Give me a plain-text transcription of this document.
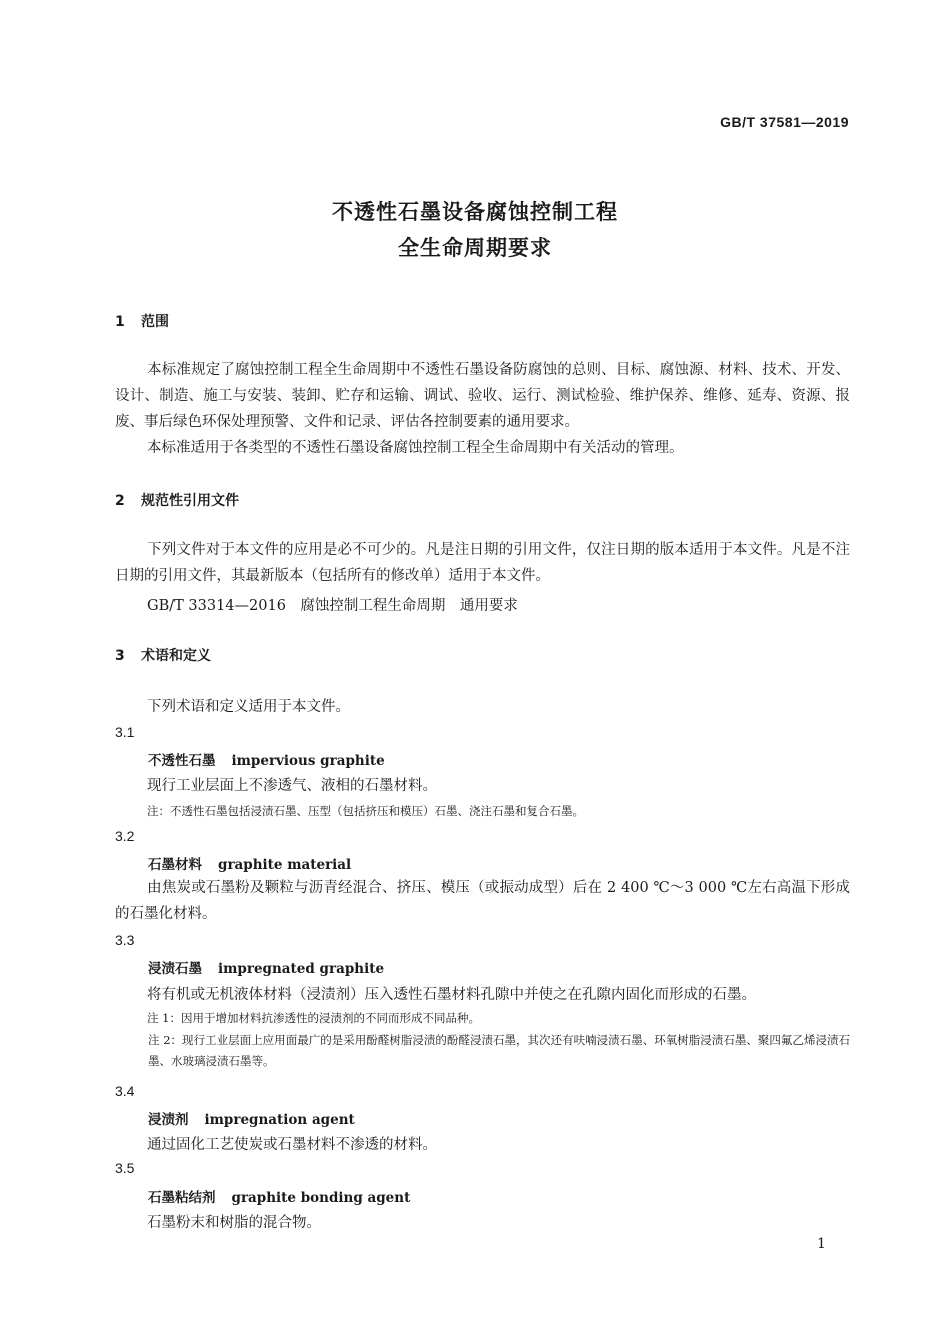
GB/T 37581—2019
不透性石墨设备腐蚀控制工程
全生命周期要求
1 范围
本标准规定了腐蚀控制工程全生命周期中不透性石墨设备防腐蚀的总则、目标、腐蚀源、材料、技术、开发、设计、制造、施工与安装、装卸、贮存和运输、调试、验收、运行、测试检验、维护保养、维修、延寿、资源、报废、事后绿色环保处理预警、文件和记录、评估各控制要素的通用要求。
本标准适用于各类型的不透性石墨设备腐蚀控制工程全生命周期中有关活动的管理。
2 规范性引用文件
下列文件对于本文件的应用是必不可少的。凡是注日期的引用文件，仅注日期的版本适用于本文件。凡是不注日期的引用文件，其最新版本（包括所有的修改单）适用于本文件。
GB/T 33314—2016　腐蚀控制工程生命周期　通用要求
3 术语和定义
下列术语和定义适用于本文件。
3.1
不透性石墨 impervious graphite
现行工业层面上不渗透气、液相的石墨材料。
注：不透性石墨包括浸渍石墨、压型（包括挤压和模压）石墨、浇注石墨和复合石墨。
3.2
石墨材料 graphite material
由焦炭或石墨粉及颗粒与沥青经混合、挤压、模压（或振动成型）后在 2 400 ℃～3 000 ℃左右高温下形成的石墨化材料。
3.3
浸渍石墨 impregnated graphite
将有机或无机液体材料（浸渍剂）压入透性石墨材料孔隙中并使之在孔隙内固化而形成的石墨。
注 1：因用于增加材料抗渗透性的浸渍剂的不同而形成不同品种。
注 2：现行工业层面上应用面最广的是采用酚醛树脂浸渍的酚醛浸渍石墨，其次还有呋喃浸渍石墨、环氧树脂浸渍石墨、聚四氟乙烯浸渍石墨、水玻璃浸渍石墨等。
3.4
浸渍剂 impregnation agent
通过固化工艺使炭或石墨材料不渗透的材料。
3.5
石墨粘结剂 graphite bonding agent
石墨粉末和树脂的混合物。
1
